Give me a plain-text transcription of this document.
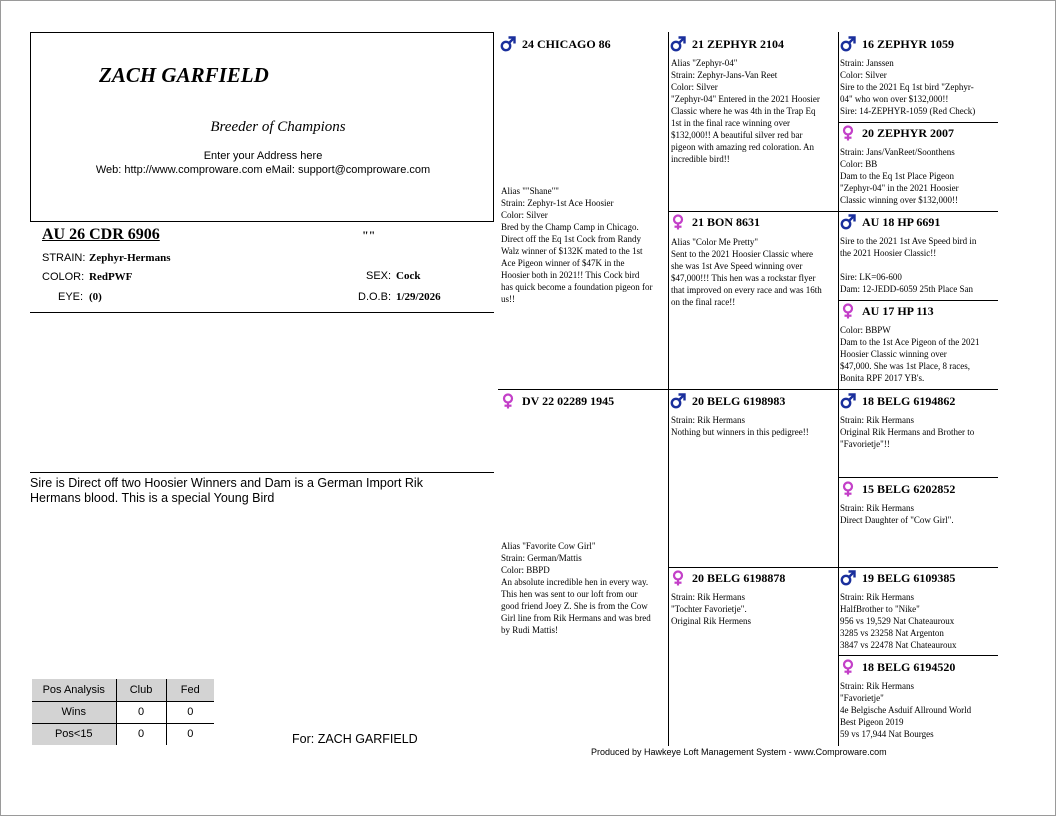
ZACH GARFIELD
Breeder of Champions
Enter your Address here
Web: http://www.comproware.com eMail: support@comproware.com
AU 26 CDR 6906	""
STRAIN: Zephyr-Hermans
COLOR: RedPWF
EYE: (0)
SEX: Cock
D.O.B: 1/29/2026
Sire is Direct off two Hoosier Winners and Dam is a German Import Rik Hermans blood. This is a special Young Bird
Pos Analysis	Club	Fed
Wins	0	0
Pos<15	0	0	For: ZACH GARFIELD
Produced by Hawkeye Loft Management System - www.Comproware.com
24 CHICAGO 86
Alias ""Shane""
Strain: Zephyr-1st Ace Hoosier
Color: Silver
Bred by the Champ Camp in Chicago.
Direct off the Eq 1st Cock from Randy
Walz winner of $132K mated to the 1st
Ace Pigeon winner of $47K in the
Hoosier both in 2021!! This Cock bird
has quick become a foundation pigeon for
us!!
DV 22 02289 1945
Alias "Favorite Cow Girl"
Strain: German/Mattis
Color: BBPD
An absolute incredible hen in every way.
This hen was sent to our loft from our
good friend Joey Z. She is from the Cow
Girl line from Rik Hermans and was bred
by Rudi Mattis!
21 ZEPHYR 2104
Alias "Zephyr-04"
Strain: Zephyr-Jans-Van Reet
Color: Silver
"Zephyr-04" Entered in the 2021 Hoosier
Classic where he was 4th in the Trap Eq
1st in the final race winning over
$132,000!! A beautiful silver red bar
pigeon with amazing red coloration. An
incredible bird!!
21 BON 8631
Alias "Color Me Pretty"
Sent to the 2021 Hoosier Classic where
she was 1st Ave Speed winning over
$47,000!!! This hen was a rockstar flyer
that improved on every race and was 16th
on the final race!!
20 BELG 6198983
Strain: Rik Hermans
Nothing but winners in this pedigree!!
20 BELG 6198878
Strain: Rik Hermans
"Tochter Favorietje".
Original Rik Hermens
16 ZEPHYR 1059
Strain: Janssen
Color: Silver
Sire to the 2021 Eq 1st bird "Zephyr-
04" who won over $132,000!!
Sire: 14-ZEPHYR-1059 (Red Check)
20 ZEPHYR 2007
Strain: Jans/VanReet/Soonthens
Color: BB
Dam to the Eq 1st Place Pigeon
"Zephyr-04" in the 2021 Hoosier
Classic winning over $132,000!!
AU 18 HP 6691
Sire to the 2021 1st Ave Speed bird in
the 2021 Hoosier Classic!!

Sire: LK=06-600
Dam: 12-JEDD-6059 25th Place San
AU 17 HP 113
Color: BBPW
Dam to the 1st Ace Pigeon of the 2021
Hoosier Classic winning over
$47,000. She was 1st Place, 8 races,
Bonita RPF 2017 YB's.
18 BELG 6194862
Strain: Rik Hermans
Original Rik Hermans and Brother to
"Favorietje"!!
15 BELG 6202852
Strain: Rik Hermans
Direct Daughter of "Cow Girl".
19 BELG 6109385
Strain: Rik Hermans
HalfBrother to "Nike"
956 vs 19,529 Nat Chateauroux
3285 vs 23258 Nat Argenton
3847 vs 22478 Nat Chateauroux
18 BELG 6194520
Strain: Rik Hermans
"Favorietje"
4e Belgische Asduif Allround World
Best Pigeon 2019
59 vs 17,944 Nat Bourges
